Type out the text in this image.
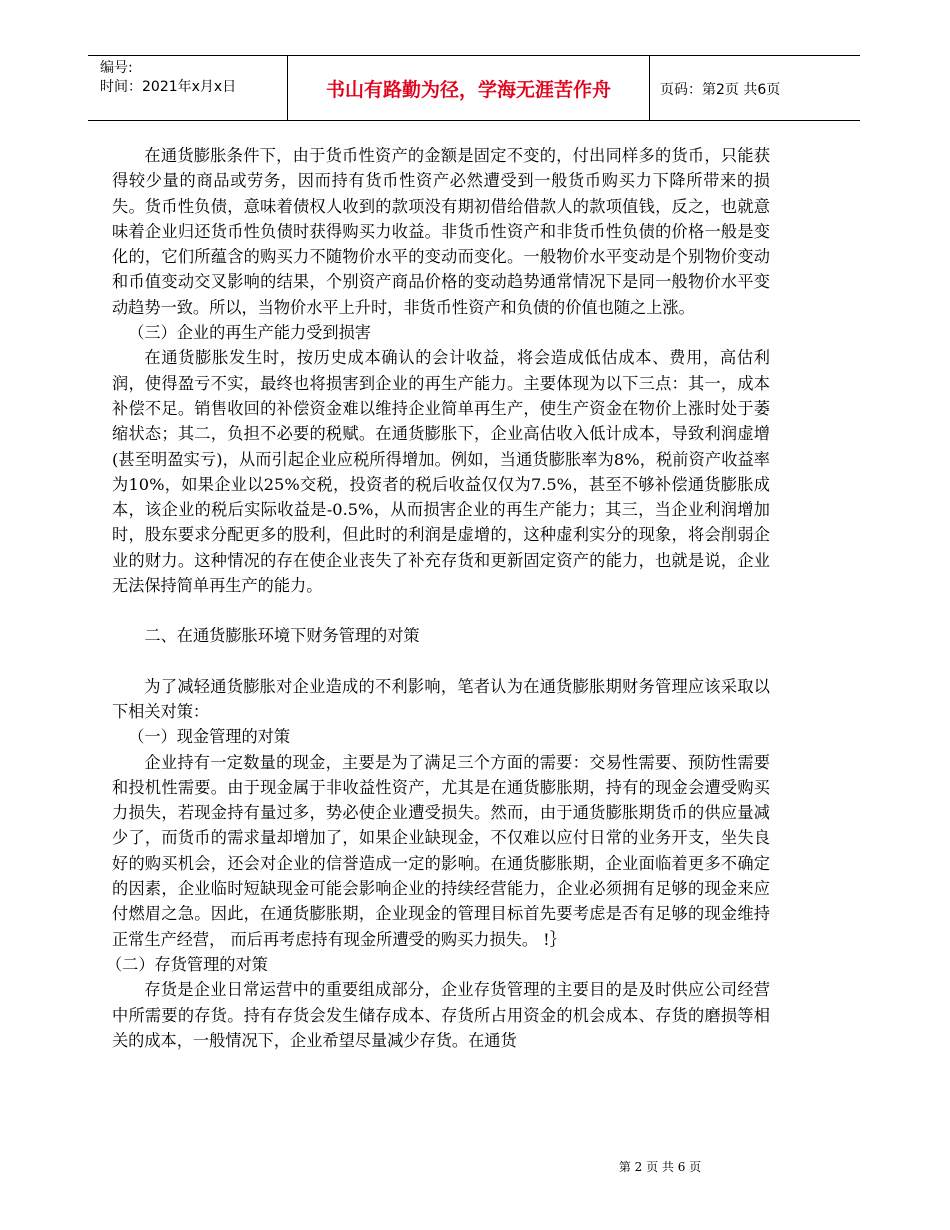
编号:
时间：2021年x月x日	书山有路勤为径，学海无涯苦作舟	页码：第2页 共6页

在通货膨胀条件下，由于货币性资产的金额是固定不变的，付出同样多的货币，只能获得较少量的商品或劳务，因而持有货币性资产必然遭受到一般货币购买力下降所带来的损失。货币性负债，意味着债权人收到的款项没有期初借给借款人的款项值钱，反之，也就意味着企业归还货币性负债时获得购买力收益。非货币性资产和非货币性负债的价格一般是变化的，它们所蕴含的购买力不随物价水平的变动而变化。一般物价水平变动是个别物价变动和币值变动交叉影响的结果，个别资产商品价格的变动趋势通常情况下是同一般物价水平变动趋势一致。所以，当物价水平上升时，非货币性资产和负债的价值也随之上涨。

（三）企业的再生产能力受到损害

在通货膨胀发生时，按历史成本确认的会计收益，将会造成低估成本、费用，高估利润，使得盈亏不实，最终也将损害到企业的再生产能力。主要体现为以下三点：其一，成本补偿不足。销售收回的补偿资金难以维持企业简单再生产，使生产资金在物价上涨时处于萎缩状态；其二，负担不必要的税赋。在通货膨胀下，企业高估收入低计成本，导致利润虚增(甚至明盈实亏)，从而引起企业应税所得增加。例如，当通货膨胀率为8%，税前资产收益率为10%，如果企业以25%交税，投资者的税后收益仅仅为7.5%，甚至不够补偿通货膨胀成本，该企业的税后实际收益是-0.5%，从而损害企业的再生产能力；其三，当企业利润增加时，股东要求分配更多的股利，但此时的利润是虚增的，这种虚利实分的现象，将会削弱企业的财力。这种情况的存在使企业丧失了补充存货和更新固定资产的能力，也就是说，企业无法保持简单再生产的能力。

二、在通货膨胀环境下财务管理的对策

为了减轻通货膨胀对企业造成的不利影响，笔者认为在通货膨胀期财务管理应该采取以下相关对策：

（一）现金管理的对策

企业持有一定数量的现金，主要是为了满足三个方面的需要：交易性需要、预防性需要和投机性需要。由于现金属于非收益性资产，尤其是在通货膨胀期，持有的现金会遭受购买力损失，若现金持有量过多，势必使企业遭受损失。然而，由于通货膨胀期货币的供应量减少了，而货币的需求量却增加了，如果企业缺现金，不仅难以应付日常的业务开支，坐失良好的购买机会，还会对企业的信誉造成一定的影响。在通货膨胀期，企业面临着更多不确定的因素，企业临时短缺现金可能会影响企业的持续经营能力，企业必须拥有足够的现金来应付燃眉之急。因此，在通货膨胀期，企业现金的管理目标首先要考虑是否有足够的现金维持正常生产经营， 而后再考虑持有现金所遭受的购买力损失。 !｝

（二）存货管理的对策

存货是企业日常运营中的重要组成部分，企业存货管理的主要目的是及时供应公司经营中所需要的存货。持有存货会发生储存成本、存货所占用资金的机会成本、存货的磨损等相关的成本，一般情况下，企业希望尽量减少存货。在通货

第 2 页 共 6 页
